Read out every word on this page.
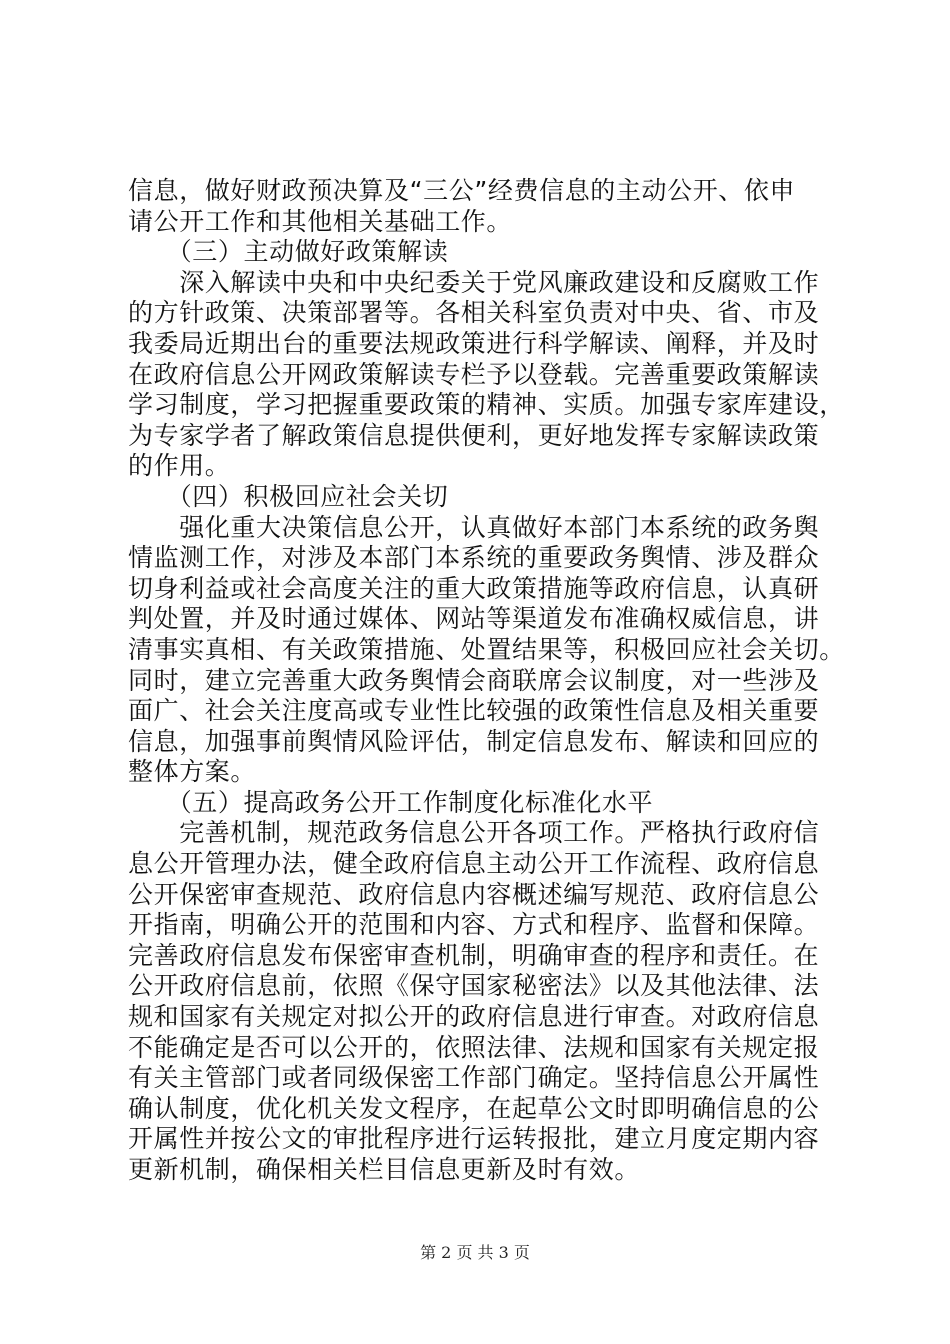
信息，做好财政预决算及“三公”经费信息的主动公开、依申
请公开工作和其他相关基础工作。
　　（三）主动做好政策解读
　　深入解读中央和中央纪委关于党风廉政建设和反腐败工作
的方针政策、决策部署等。各相关科室负责对中央、省、市及
我委局近期出台的重要法规政策进行科学解读、阐释，并及时
在政府信息公开网政策解读专栏予以登载。完善重要政策解读
学习制度，学习把握重要政策的精神、实质。加强专家库建设，
为专家学者了解政策信息提供便利，更好地发挥专家解读政策
的作用。
　　（四）积极回应社会关切
　　强化重大决策信息公开，认真做好本部门本系统的政务舆
情监测工作，对涉及本部门本系统的重要政务舆情、涉及群众
切身利益或社会高度关注的重大政策措施等政府信息，认真研
判处置，并及时通过媒体、网站等渠道发布准确权威信息，讲
清事实真相、有关政策措施、处置结果等，积极回应社会关切。
同时，建立完善重大政务舆情会商联席会议制度，对一些涉及
面广、社会关注度高或专业性比较强的政策性信息及相关重要
信息，加强事前舆情风险评估，制定信息发布、解读和回应的
整体方案。
　　（五）提高政务公开工作制度化标准化水平
　　完善机制，规范政务信息公开各项工作。严格执行政府信
息公开管理办法，健全政府信息主动公开工作流程、政府信息
公开保密审查规范、政府信息内容概述编写规范、政府信息公
开指南，明确公开的范围和内容、方式和程序、监督和保障。
完善政府信息发布保密审查机制，明确审查的程序和责任。在
公开政府信息前，依照《保守国家秘密法》以及其他法律、法
规和国家有关规定对拟公开的政府信息进行审查。对政府信息
不能确定是否可以公开的，依照法律、法规和国家有关规定报
有关主管部门或者同级保密工作部门确定。坚持信息公开属性
确认制度，优化机关发文程序，在起草公文时即明确信息的公
开属性并按公文的审批程序进行运转报批，建立月度定期内容
更新机制，确保相关栏目信息更新及时有效。
第 2 页 共 3 页
